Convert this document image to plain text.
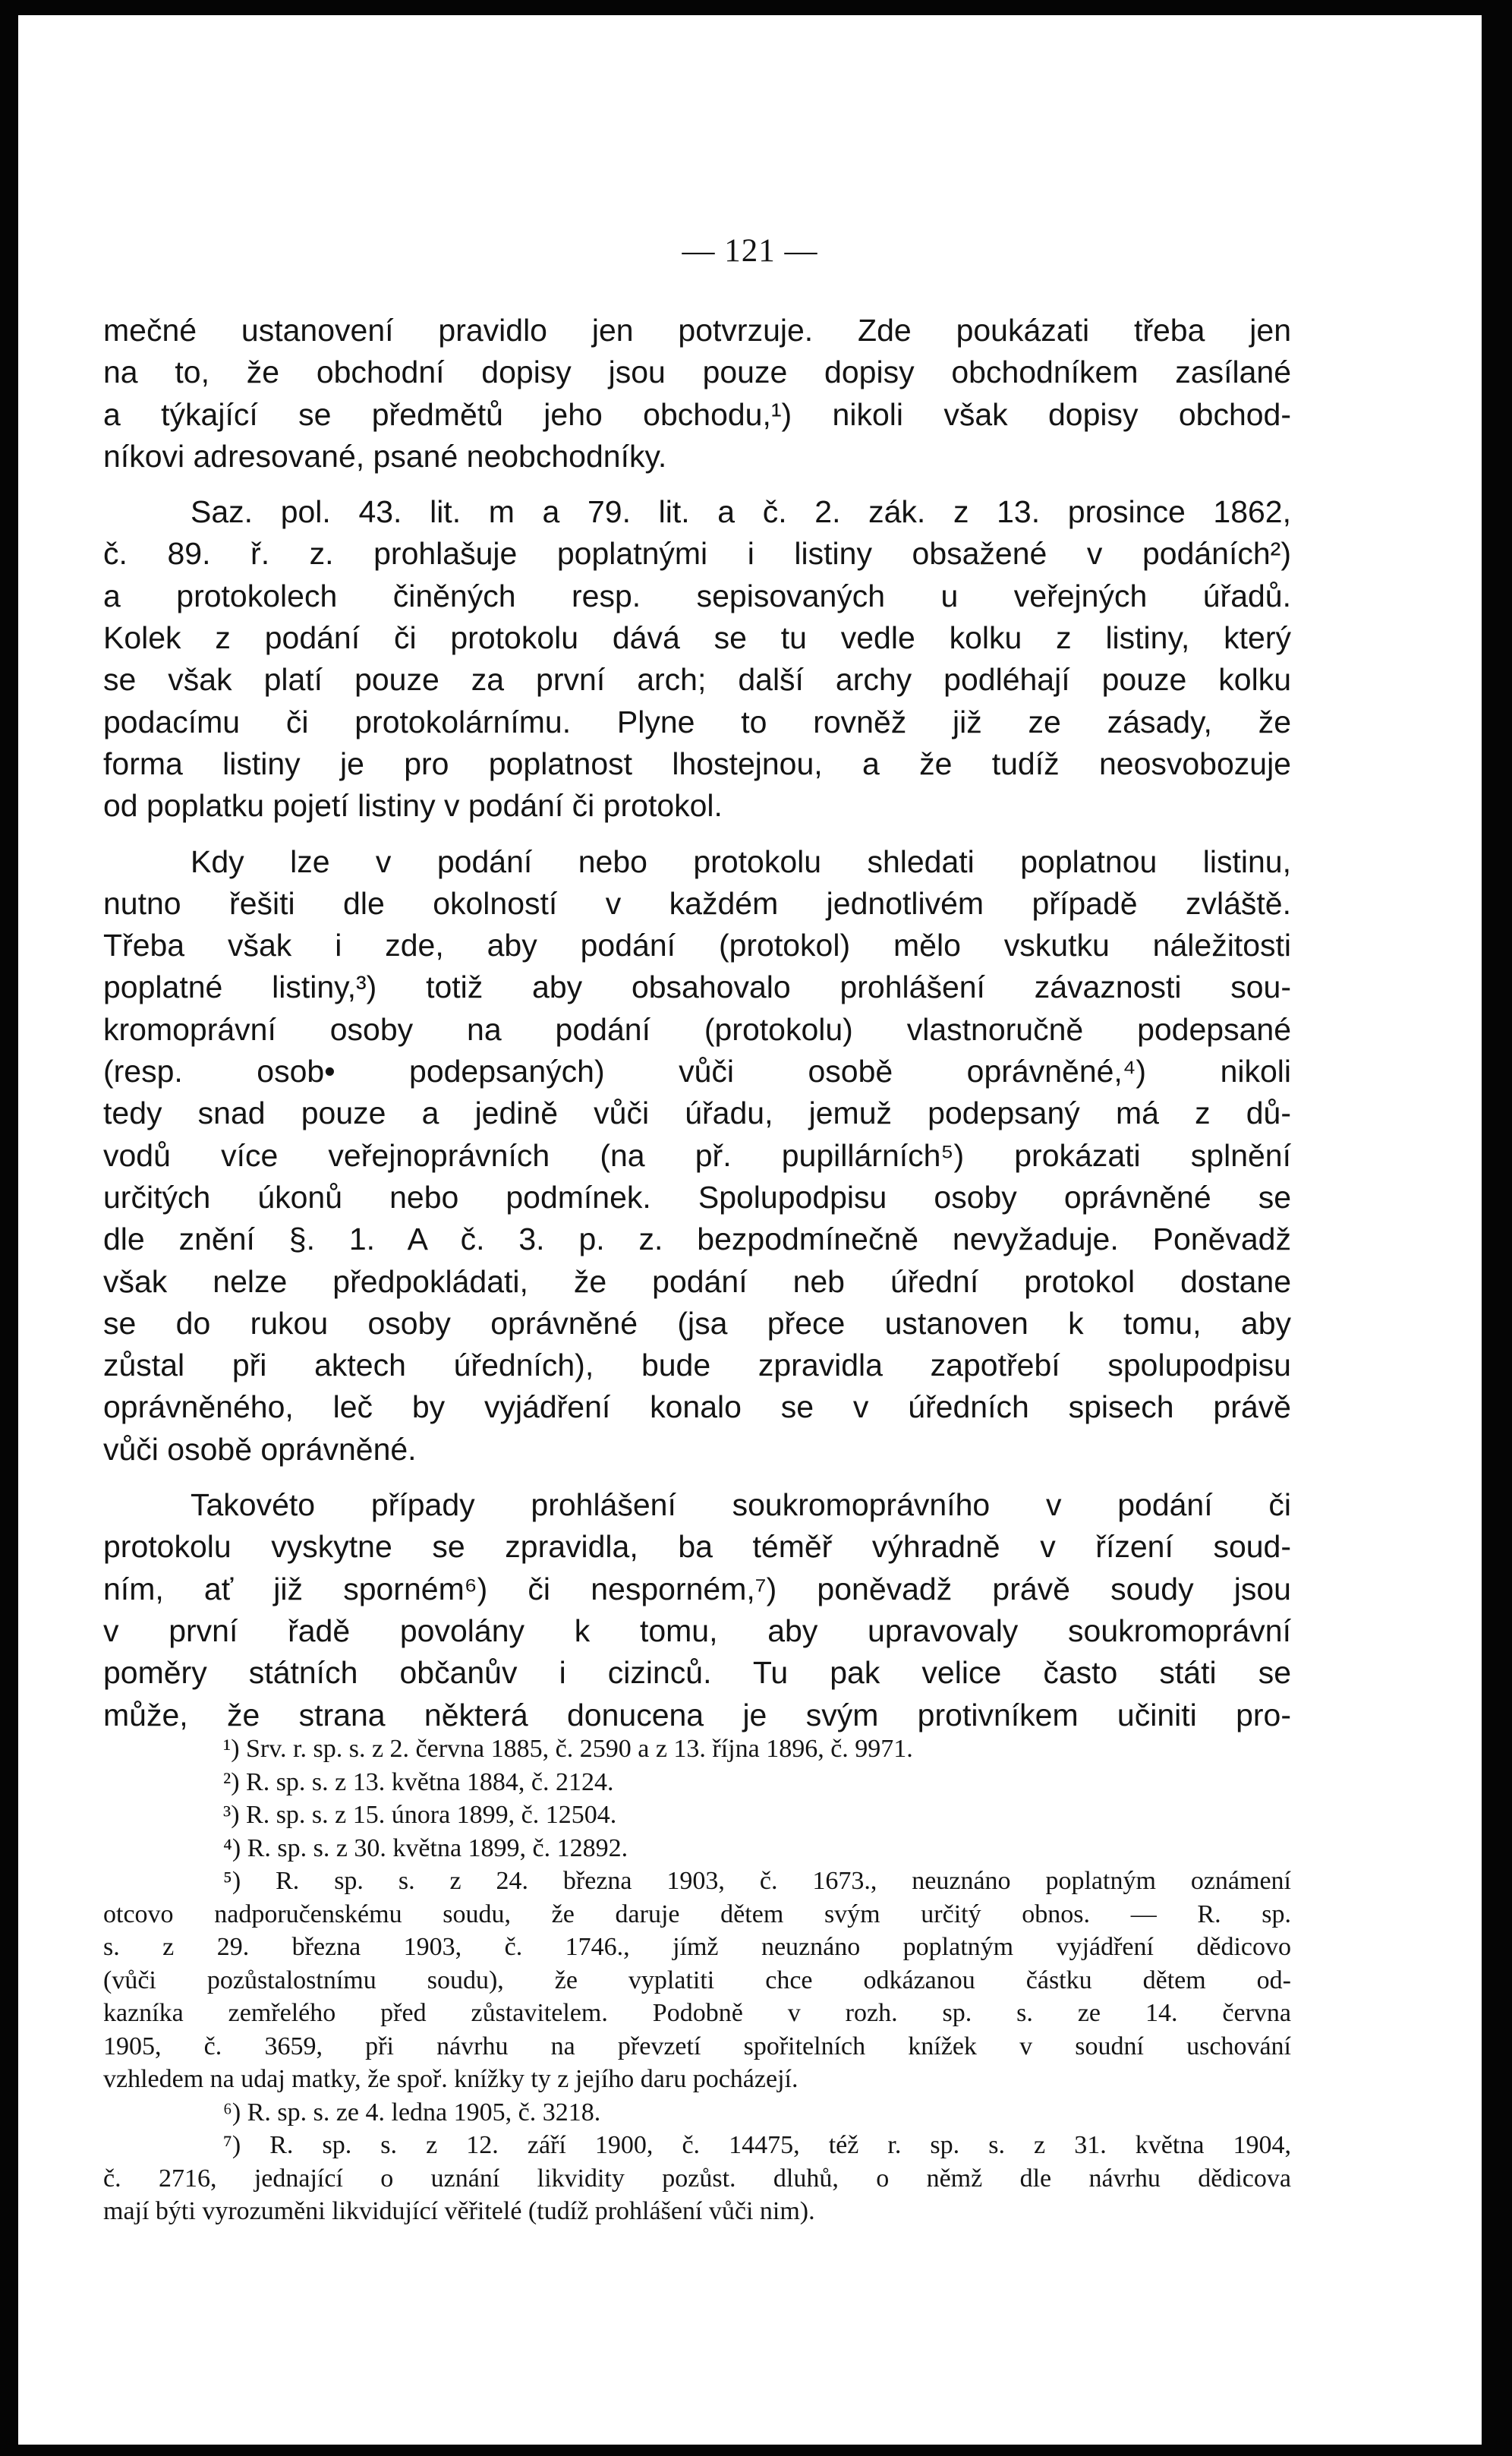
— 121 —
mečné ustanovení pravidlo jen potvrzuje. Zde poukázati třeba jen
na to, že obchodní dopisy jsou pouze dopisy obchodníkem zasílané
a týkající se předmětů jeho obchodu,¹) nikoli však dopisy obchod-
níkovi adresované, psané neobchodníky.
Saz. pol. 43. lit. m a 79. lit. a č. 2. zák. z 13. prosince 1862,
č. 89. ř. z. prohlašuje poplatnými i listiny obsažené v podáních²)
a protokolech činěných resp. sepisovaných u veřejných úřadů.
Kolek z podání či protokolu dává se tu vedle kolku z listiny, který
se však platí pouze za první arch; další archy podléhají pouze kolku
podacímu či protokolárnímu. Plyne to rovněž již ze zásady, že
forma listiny je pro poplatnost lhostejnou, a že tudíž neosvobozuje
od poplatku pojetí listiny v podání či protokol.
Kdy lze v podání nebo protokolu shledati poplatnou listinu,
nutno řešiti dle okolností v každém jednotlivém případě zvláště.
Třeba však i zde, aby podání (protokol) mělo vskutku náležitosti
poplatné listiny,³) totiž aby obsahovalo prohlášení závaznosti sou-
kromoprávní osoby na podání (protokolu) vlastnoručně podepsané
(resp. osob• podepsaných) vůči osobě oprávněné,⁴) nikoli
tedy snad pouze a jedině vůči úřadu, jemuž podepsaný má z dů-
vodů více veřejnoprávních (na př. pupillárních⁵) prokázati splnění
určitých úkonů nebo podmínek. Spolupodpisu osoby oprávněné se
dle znění §. 1. A č. 3. p. z. bezpodmínečně nevyžaduje. Poněvadž
však nelze předpokládati, že podání neb úřední protokol dostane
se do rukou osoby oprávněné (jsa přece ustanoven k tomu, aby
zůstal při aktech úředních), bude zpravidla zapotřebí spolupodpisu
oprávněného, leč by vyjádření konalo se v úředních spisech právě
vůči osobě oprávněné.
Takovéto případy prohlášení soukromoprávního v podání či
protokolu vyskytne se zpravidla, ba téměř výhradně v řízení soud-
ním, ať již sporném⁶) či nesporném,⁷) poněvadž právě soudy jsou
v první řadě povolány k tomu, aby upravovaly soukromoprávní
poměry státních občanův i cizinců. Tu pak velice často státi se
může, že strana některá donucena je svým protivníkem učiniti pro-
¹) Srv. r. sp. s. z 2. června 1885, č. 2590 a z 13. října 1896, č. 9971.
²) R. sp. s. z 13. května 1884, č. 2124.
³) R. sp. s. z 15. února 1899, č. 12504.
⁴) R. sp. s. z 30. května 1899, č. 12892.
⁵) R. sp. s. z 24. března 1903, č. 1673., neuznáno poplatným oznámení
otcovo nadporučenskému soudu, že daruje dětem svým určitý obnos. — R. sp.
s. z 29. března 1903, č. 1746., jímž neuznáno poplatným vyjádření dědicovo
(vůči pozůstalostnímu soudu), že vyplatiti chce odkázanou částku dětem od-
kazníka zemřelého před zůstavitelem. Podobně v rozh. sp. s. ze 14. června
1905, č. 3659, při návrhu na převzetí spořitelních knížek v soudní uschování
vzhledem na udaj matky, že spoř. knížky ty z jejího daru pocházejí.
⁶) R. sp. s. ze 4. ledna 1905, č. 3218.
⁷) R. sp. s. z 12. září 1900, č. 14475, též r. sp. s. z 31. května 1904,
č. 2716, jednající o uznání likvidity pozůst. dluhů, o němž dle návrhu dědicova
mají býti vyrozuměni likvidující věřitelé (tudíž prohlášení vůči nim).
